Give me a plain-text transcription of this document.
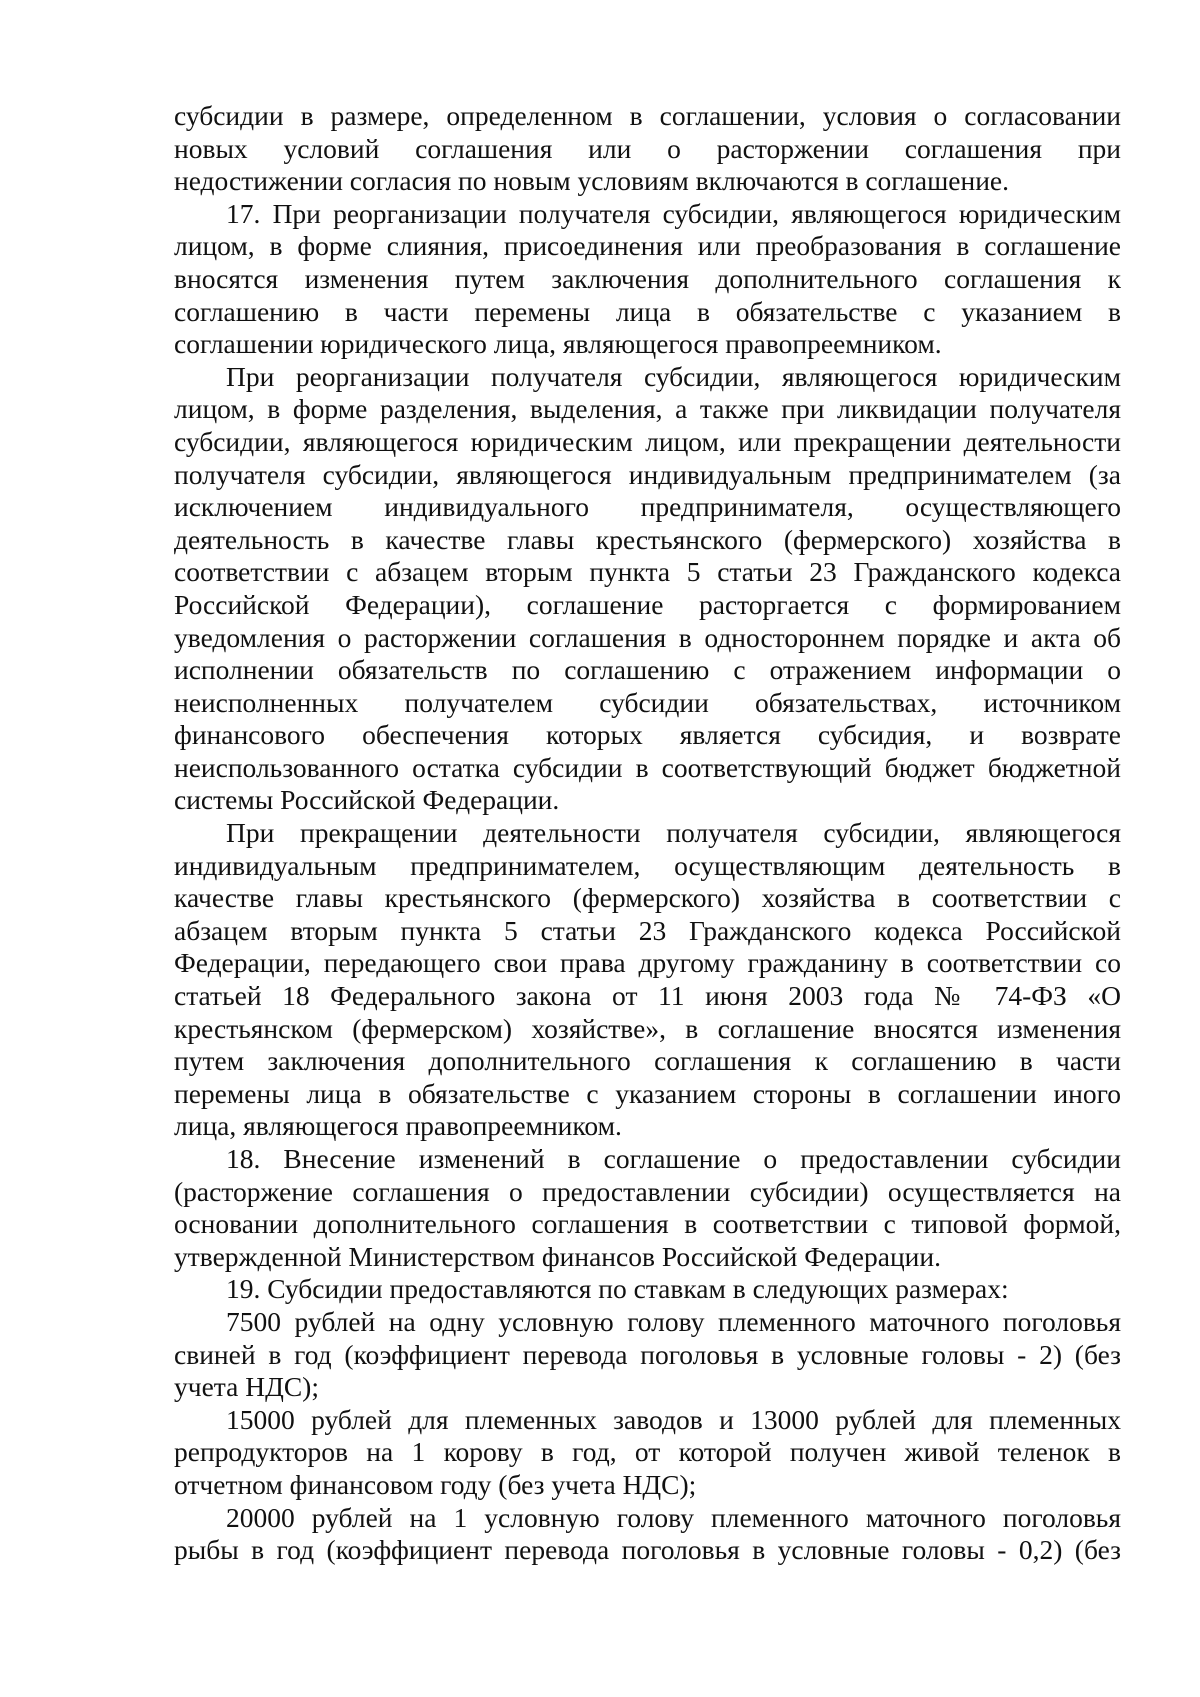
субсидии в размере, определенном в соглашении, условия о согласовании
новых условий соглашения или о расторжении соглашения при
недостижении согласия по новым условиям включаются в соглашение.
17. При реорганизации получателя субсидии, являющегося юридическим
лицом, в форме слияния, присоединения или преобразования в соглашение
вносятся изменения путем заключения дополнительного соглашения к
соглашению в части перемены лица в обязательстве с указанием в
соглашении юридического лица, являющегося правопреемником.
При реорганизации получателя субсидии, являющегося юридическим
лицом, в форме разделения, выделения, а также при ликвидации получателя
субсидии, являющегося юридическим лицом, или прекращении деятельности
получателя субсидии, являющегося индивидуальным предпринимателем (за
исключением индивидуального предпринимателя, осуществляющего
деятельность в качестве главы крестьянского (фермерского) хозяйства в
соответствии с абзацем вторым пункта 5 статьи 23 Гражданского кодекса
Российской Федерации), соглашение расторгается с формированием
уведомления о расторжении соглашения в одностороннем порядке и акта об
исполнении обязательств по соглашению с отражением информации о
неисполненных получателем субсидии обязательствах, источником
финансового обеспечения которых является субсидия, и возврате
неиспользованного остатка субсидии в соответствующий бюджет бюджетной
системы Российской Федерации.
При прекращении деятельности получателя субсидии, являющегося
индивидуальным предпринимателем, осуществляющим деятельность в
качестве главы крестьянского (фермерского) хозяйства в соответствии с
абзацем вторым пункта 5 статьи 23 Гражданского кодекса Российской
Федерации, передающего свои права другому гражданину в соответствии со
статьей 18 Федерального закона от 11 июня 2003 года № 74-ФЗ «О
крестьянском (фермерском) хозяйстве», в соглашение вносятся изменения
путем заключения дополнительного соглашения к соглашению в части
перемены лица в обязательстве с указанием стороны в соглашении иного
лица, являющегося правопреемником.
18. Внесение изменений в соглашение о предоставлении субсидии
(расторжение соглашения о предоставлении субсидии) осуществляется на
основании дополнительного соглашения в соответствии с типовой формой,
утвержденной Министерством финансов Российской Федерации.
19. Субсидии предоставляются по ставкам в следующих размерах:
7500 рублей на одну условную голову племенного маточного поголовья
свиней в год (коэффициент перевода поголовья в условные головы - 2) (без
учета НДС);
15000 рублей для племенных заводов и 13000 рублей для племенных
репродукторов на 1 корову в год, от которой получен живой теленок в
отчетном финансовом году (без учета НДС);
20000 рублей на 1 условную голову племенного маточного поголовья
рыбы в год (коэффициент перевода поголовья в условные головы - 0,2) (без
